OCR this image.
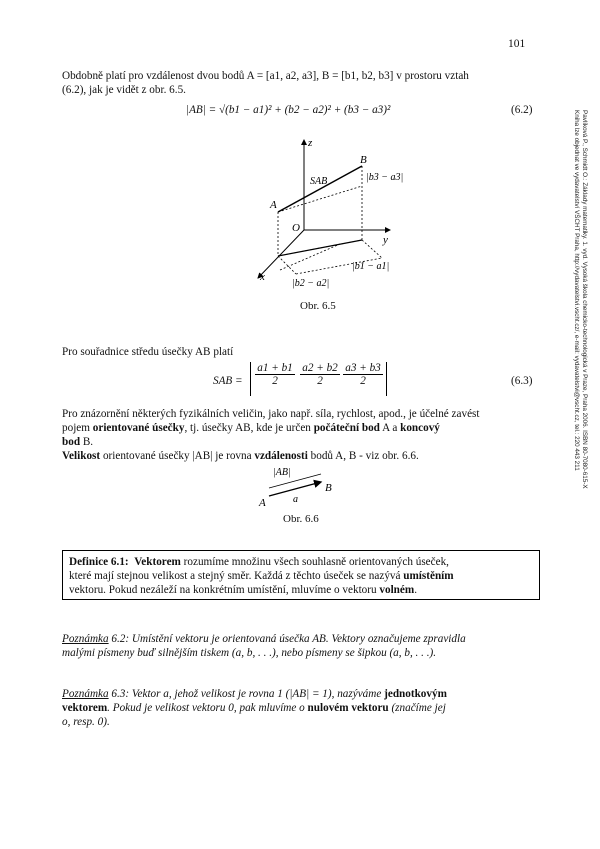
101
Pavlíková P., Schmidt O.: Základy matematiky. 1. vyd. Vysoká škola chemicko-technologická v Praze, Praha 2006. ISBN 80-7080-615-X
Kniha lze objednat ve vydavatelství VŠCHT Praha, http://vydavatelstvi.vscht.cz/, e-mail: vydavatelstvi@vscht.cz, tel.: 220 443 211
Obdobně platí pro vzdálenost dvou bodů A = [a1, a2, a3], B = [b1, b2, b3] v prostoru vztah
(6.2), jak je vidět z obr. 6.5.
|AB| = √(b1 − a1)² + (b2 − a2)² + (b3 − a3)²	(6.2)
z
y
x
O
A
B
SAB	|b3 − a3|
|b1 − a1|
|b2 − a2|
Obr. 6.5
Pro souřadnice středu úsečky AB platí
SAB = $\frac{a1 + b1}{2} \frac{a2 + b2}{2} \frac{a3 + b3}{2}$	(6.3)
Pro znázornění některých fyzikálních veličin, jako např. síla, rychlost, apod., je účelné zavést
pojem orientované úsečky, tj. úsečky AB, kde je určen počáteční bod A a koncový
bod B.
Velikost orientované úsečky |AB| je rovna vzdálenosti bodů A, B - viz obr. 6.6.
|AB|
A
B
a
Obr. 6.6
Definice 6.1: Vektorem rozumíme množinu všech souhlasně orientovaných úseček,
které mají stejnou velikost a stejný směr. Každá z těchto úseček se nazývá umístěním
vektoru. Pokud nezáleží na konkrétním umístění, mluvíme o vektoru volném.
Poznámka 6.2: Umístění vektoru je orientovaná úsečka AB. Vektory označujeme zpravidla
malými písmeny buď silnějším tiskem (a, b, . . .), nebo písmeny se šipkou (a, b, . . .).
Poznámka 6.3: Vektor a, jehož velikost je rovna 1 (|AB| = 1), nazýváme jednotkovým
vektorem. Pokud je velikost vektoru 0, pak mluvíme o nulovém vektoru (značíme jej
o, resp. 0).
